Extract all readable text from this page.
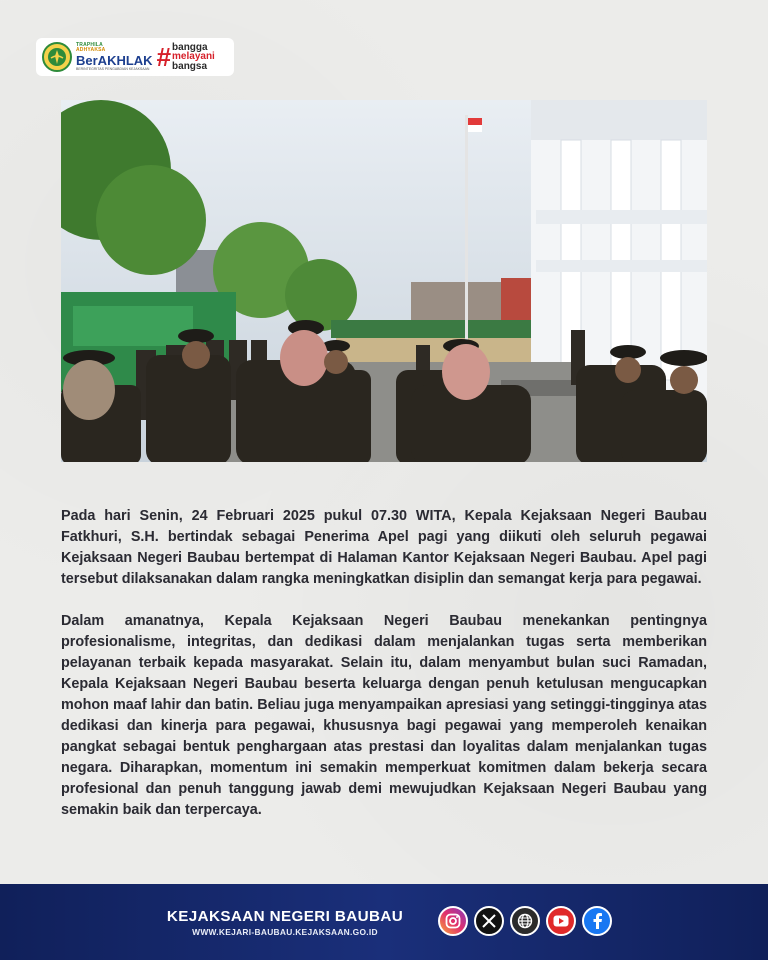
TRAPHILA
ADHYAKSA
BerAKHLAK
BERINTEGRITAS PENGABDIAN KEJAKSAAN # bangga
melayani
bangsa

Pada hari Senin, 24 Februari 2025 pukul 07.30 WITA, Kepala Kejaksaan Negeri Baubau Fatkhuri, S.H. bertindak sebagai Penerima Apel pagi yang diikuti oleh seluruh pegawai Kejaksaan Negeri Baubau bertempat di Halaman Kantor Kejaksaan Negeri Baubau. Apel pagi tersebut dilaksanakan dalam rangka meningkatkan disiplin dan semangat kerja para pegawai.

Dalam amanatnya, Kepala Kejaksaan Negeri Baubau menekankan pentingnya profesionalisme, integritas, dan dedikasi dalam menjalankan tugas serta memberikan pelayanan terbaik kepada masyarakat. Selain itu, dalam menyambut bulan suci Ramadan, Kepala Kejaksaan Negeri Baubau beserta keluarga dengan penuh ketulusan mengucapkan mohon maaf lahir dan batin. Beliau juga menyampaikan apresiasi yang setinggi-tingginya atas dedikasi dan kinerja para pegawai, khususnya bagi pegawai yang memperoleh kenaikan pangkat sebagai bentuk penghargaan atas prestasi dan loyalitas dalam menjalankan tugas negara. Diharapkan, momentum ini semakin memperkuat komitmen dalam bekerja secara profesional dan penuh tanggung jawab demi mewujudkan Kejaksaan Negeri Baubau yang semakin baik dan terpercaya.

KEJAKSAAN NEGERI BAUBAU
WWW.KEJARI-BAUBAU.KEJAKSAAN.GO.ID
